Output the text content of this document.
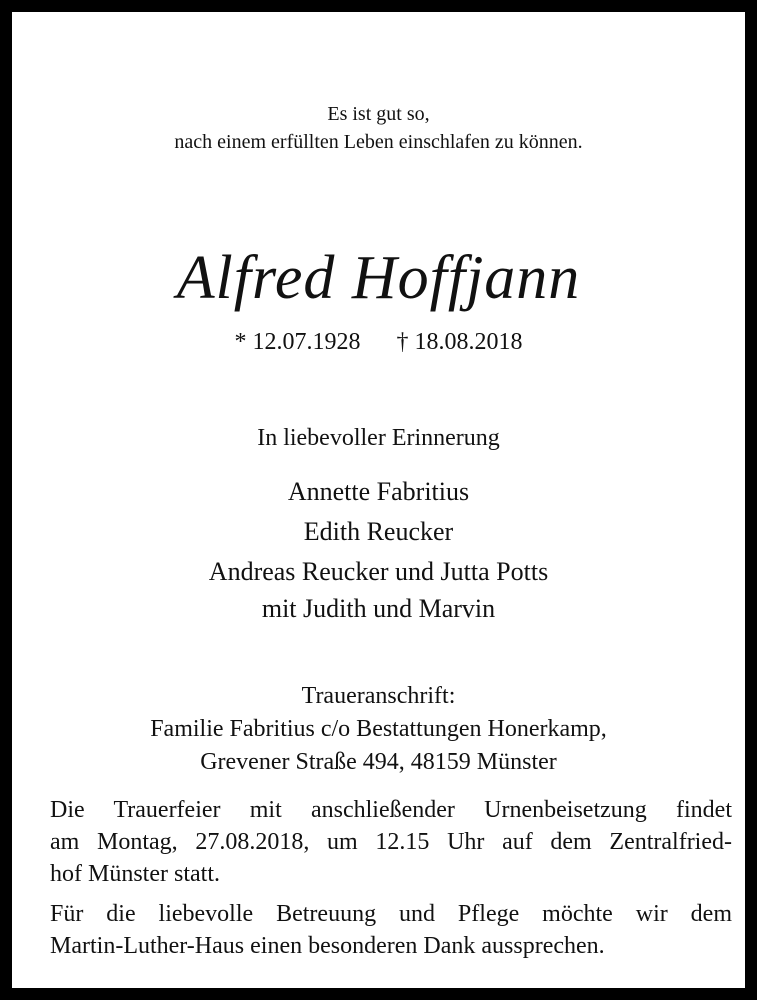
Es ist gut so,
nach einem erfüllten Leben einschlafen zu können.
Alfred Hoffjann
* 12.07.1928 † 18.08.2018
In liebevoller Erinnerung
Annette Fabritius
Edith Reucker
Andreas Reucker und Jutta Potts
mit Judith und Marvin
Traueranschrift:
Familie Fabritius c/o Bestattungen Honerkamp,
Grevener Straße 494, 48159 Münster
Die Trauerfeier mit anschließender Urnenbeisetzung findet
am Montag, 27.08.2018, um 12.15 Uhr auf dem Zentralfried-
hof Münster statt.
Für die liebevolle Betreuung und Pflege möchte wir dem
Martin-Luther-Haus einen besonderen Dank aussprechen.
